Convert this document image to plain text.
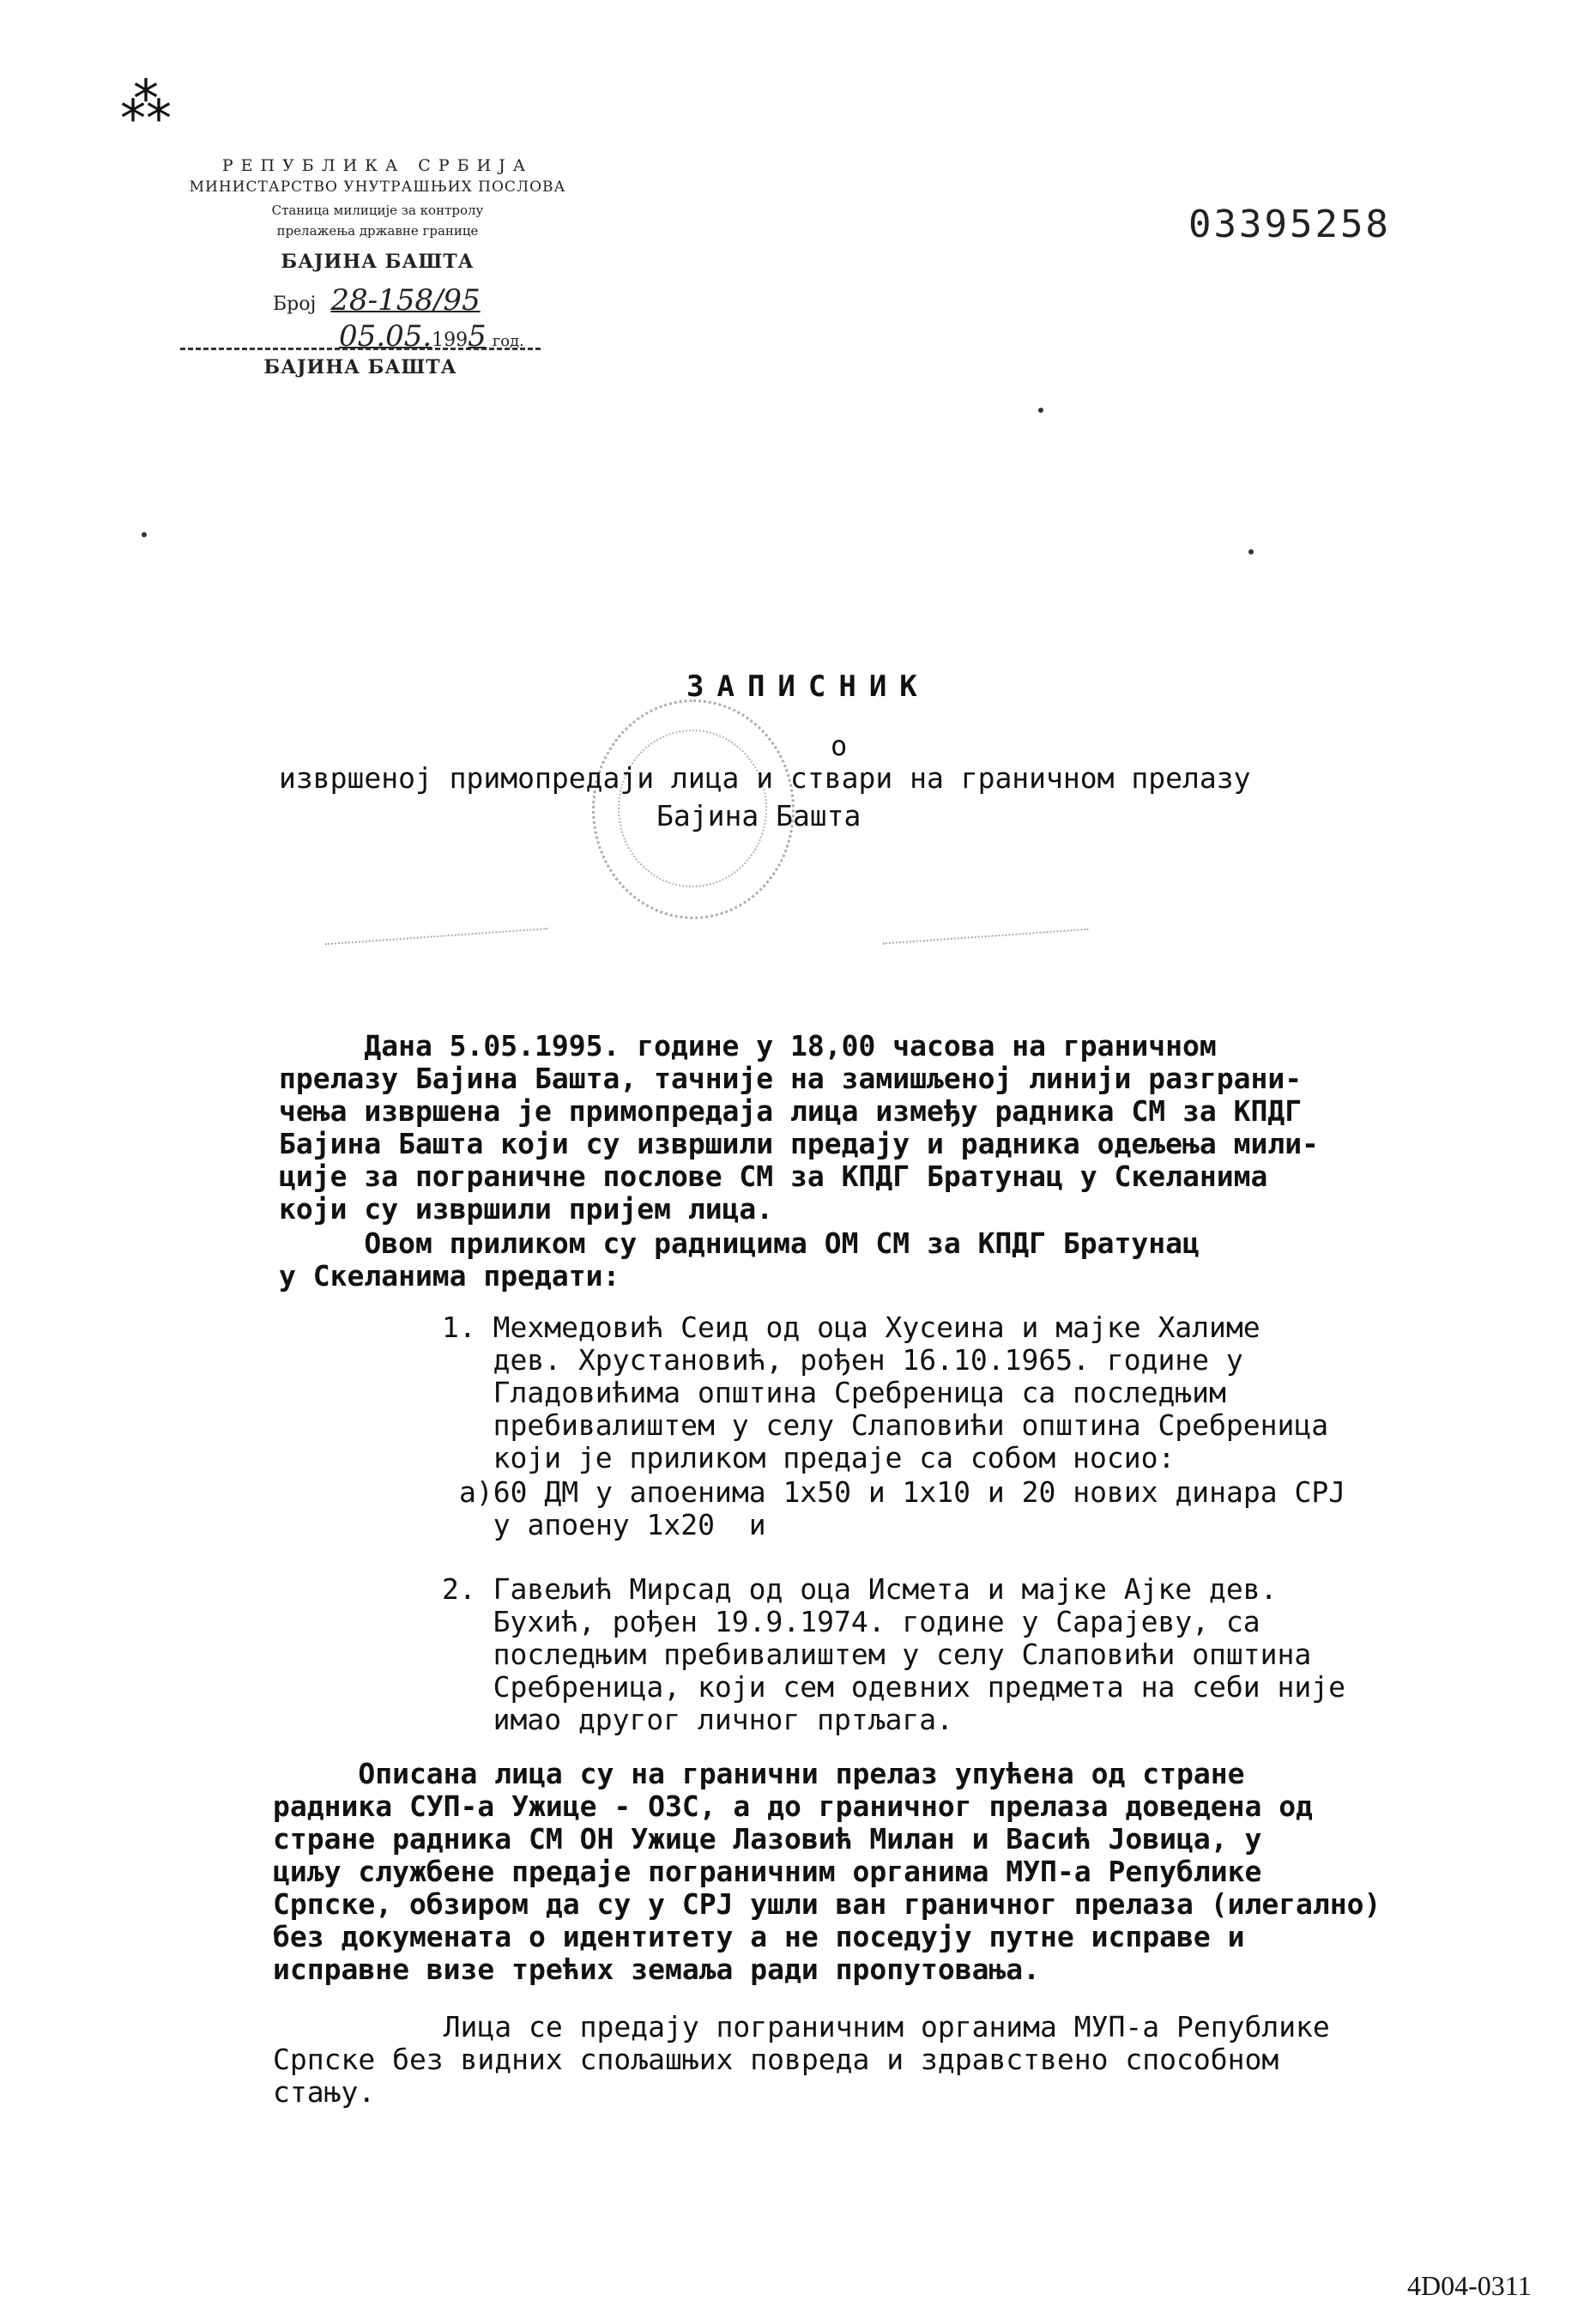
⁂
РЕПУБЛИКА СРБИЈА
МИНИСТАРСТВО УНУТРАШЊИХ ПОСЛОВА
Станица милиције за контролу
прелажења државне границе
БАЈИНА БАШТА
Број 28-158/95
05.05.1995 год.
БАЈИНА БАШТА
03395258
ЗАПИСНИК
о
извршеној примопредаји лица и ствари на граничном прелазу
Бајина Башта

Дана 5.05.1995. године у 18,00 часова на граничном
прелазу Бајина Башта, тачније на замишљеној линији разграни-
чења извршена је примопредаја лица између радника СМ за КПДГ
Бајина Башта који су извршили предају и радника одељења мили-
ције за пограничне послове СМ за КПДГ Братунац у Скеланима
који су извршили пријем лица.

Овом приликом су радницима ОМ СМ за КПДГ Братунац
у Скеланима предати:

1. Мехмедовић Сеид од оца Хусеина и мајке Халиме
дев. Хрустановић, рођен 16.10.1965. године у
Гладовићима општина Сребреница са последњим
пребивалиштем у селу Слаповићи општина Сребреница
који је приликом предаје са собом носио:

а)60 ДМ у апоенима 1x50 и 1x10 и 20 нових динара СРЈ
у апоену 1x20  и

2. Гавељић Мирсад од оца Исмета и мајке Ајке дев.
Бухић, рођен 19.9.1974. године у Сарајеву, са
последњим пребивалиштем у селу Слаповићи општина
Сребреница, који сем одевних предмета на себи није
имао другог личног пртљага.

Описана лица су на гранични прелаз упућена од стране
радника СУП-а Ужице - ОЗС, а до граничног прелаза доведена од
стране радника СМ ОН Ужице Лазовић Милан и Васић Јовица, у
циљу службене предаје пограничним органима МУП-а Републике
Српске, обзиром да су у СРЈ ушли ван граничног прелаза (илегално)
без докумената о идентитету а не поседују путне исправе и
исправне визе трећих земаља ради пропутовања.

Лица се предају пограничним органима МУП-а Републике
Српске без видних спољашњих повреда и здравствено способном
стању.

4D04-0311
